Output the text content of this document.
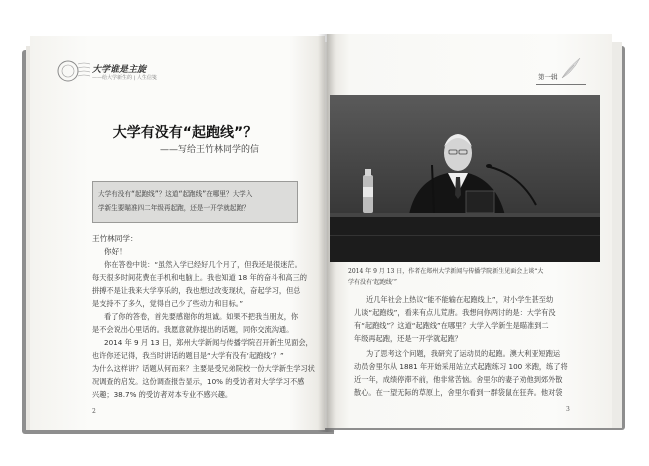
大学谁是主旋
——给大学新生的 | 人生信笺
大学有没有“起跑线”？
——写给王竹林同学的信
大学有没有“起跑线”？这道“起跑线”在哪里？大学入
学新生要瞄准四二年级再起跑，还是一开学就起跑？
王竹林同学：
你好！
你在答卷中说：“虽然入学已经好几个月了，但我还是很迷茫。
每天很多时间花费在手机和电脑上。我也知道 18 年的奋斗和高三的
拼搏不是让我来大学享乐的，我也想过改变现状，奋起学习，但总
是支持不了多久，觉得自己少了些动力和目标。”
看了你的答卷，首先要感谢你的坦诚。如果不把我当朋友，你
是不会说出心里话的。我愿意就你提出的话题，同你交流沟通。
2014 年 9 月 13 日，郑州大学新闻与传播学院召开新生见面会，
也许你还记得，我当时讲话的题目是“大学有没有‘起跑线’？”
为什么这样讲？话题从何而来？主要是受兄弟院校一份大学新生学习状
况调查的启发。这份调查报告显示，10% 的受访者对大学学习不感
兴趣；38.7% 的受访者对本专业不感兴趣。
2
第一辑
2014 年 9 月 13 日，作者在郑州大学新闻与传播学院新生见面会上谈“大
学有没有‘起跑线’”
近几年社会上热议“能不能输在起跑线上”，对小学生甚至幼
儿谈“起跑线”，看来有点儿荒唐。我想问你两讨的是：大学有没
有“起跑线”？这道“起跑线”在哪里？大学入学新生是瞄准到二
年级再起跑，还是一开学就起跑？
为了思考这个问题，我研究了运动员的起跑。澳大利亚短跑运
动员舍里尔从 1881 年开始采用站立式起跑练习 100 米跑，练了将
近一年，成绩停滞不前，他非常苦恼。舍里尔的妻子劝他到郊外散
散心。在一望无际的草原上，舍里尔看到一群袋鼠在狂奔。他对袋
3
